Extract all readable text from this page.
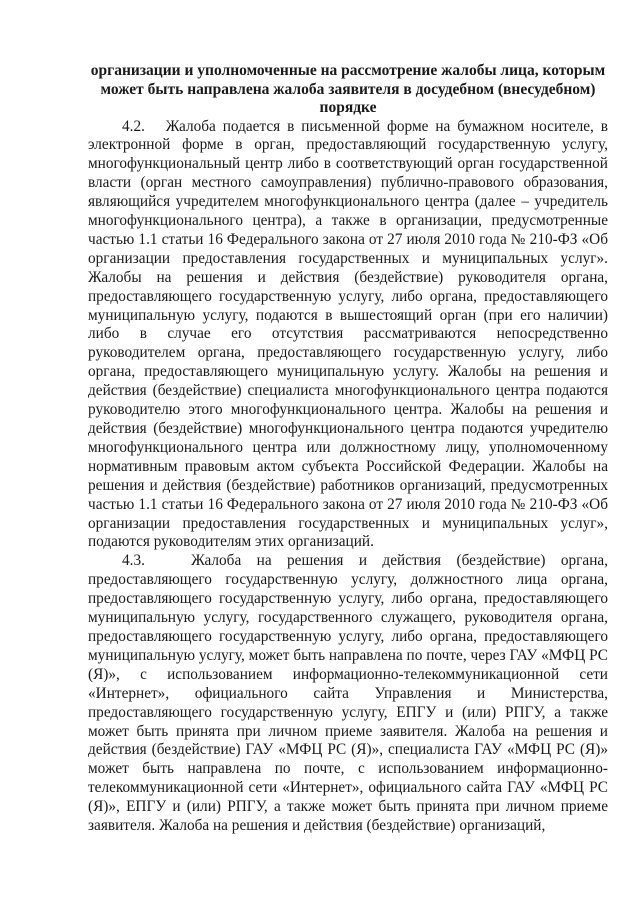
организации и уполномоченные на рассмотрение жалобы лица, которым может быть направлена жалоба заявителя в досудебном (внесудебном) порядке

4.2.   Жалоба подается в письменной форме на бумажном носителе, в электронной форме в орган, предоставляющий государственную услугу, многофункциональный центр либо в соответствующий орган государственной власти (орган местного самоуправления) публично-правового образования, являющийся учредителем многофункционального центра (далее – учредитель многофункционального центра), а также в организации, предусмотренные частью 1.1 статьи 16 Федерального закона от 27 июля 2010 года № 210-ФЗ «Об организации предоставления государственных и муниципальных услуг». Жалобы на решения и действия (бездействие) руководителя органа, предоставляющего государственную услугу, либо органа, предоставляющего муниципальную услугу, подаются в вышестоящий орган (при его наличии) либо в случае его отсутствия рассматриваются непосредственно руководителем органа, предоставляющего государственную услугу, либо органа, предоставляющего муниципальную услугу. Жалобы на решения и действия (бездействие) специалиста многофункционального центра подаются руководителю этого многофункционального центра. Жалобы на решения и действия (бездействие) многофункционального центра подаются учредителю многофункционального центра или должностному лицу, уполномоченному нормативным правовым актом субъекта Российской Федерации. Жалобы на решения и действия (бездействие) работников организаций, предусмотренных частью 1.1 статьи 16 Федерального закона от 27 июля 2010 года № 210-ФЗ «Об организации предоставления государственных и муниципальных услуг», подаются руководителям этих организаций.

4.3.   Жалоба на решения и действия (бездействие) органа, предоставляющего государственную услугу, должностного лица органа, предоставляющего государственную услугу, либо органа, предоставляющего муниципальную услугу, государственного служащего, руководителя органа, предоставляющего государственную услугу, либо органа, предоставляющего муниципальную услугу, может быть направлена по почте, через ГАУ «МФЦ РС (Я)», с использованием информационно-телекоммуникационной сети «Интернет», официального сайта Управления и Министерства, предоставляющего государственную услугу, ЕПГУ и (или) РПГУ, а также может быть принята при личном приеме заявителя. Жалоба на решения и действия (бездействие) ГАУ «МФЦ РС (Я)», специалиста ГАУ «МФЦ РС (Я)» может быть направлена по почте, с использованием информационно-телекоммуникационной сети «Интернет», официального сайта ГАУ «МФЦ РС (Я)», ЕПГУ и (или) РПГУ, а также может быть принята при личном приеме заявителя. Жалоба на решения и действия (бездействие) организаций,
